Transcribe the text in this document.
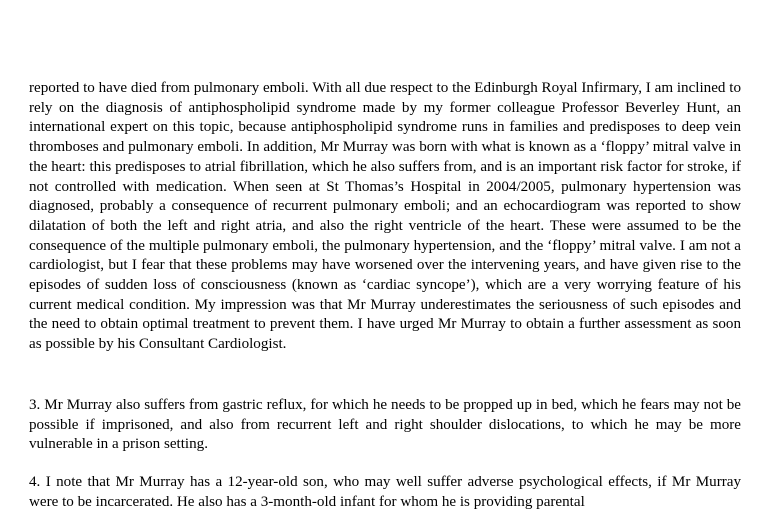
reported to have died from pulmonary emboli. With all due respect to the Edinburgh Royal Infirmary, I am inclined to rely on the diagnosis of antiphospholipid syndrome made by my former colleague Professor Beverley Hunt, an international expert on this topic, because antiphospholipid syndrome runs in families and predisposes to deep vein thromboses and pulmonary emboli. In addition, Mr Murray was born with what is known as a ‘floppy’ mitral valve in the heart: this predisposes to atrial fibrillation, which he also suffers from, and is an important risk factor for stroke, if not controlled with medication. When seen at St Thomas’s Hospital in 2004/2005, pulmonary hypertension was diagnosed, probably a consequence of recurrent pulmonary emboli; and an echocardiogram was reported to show dilatation of both the left and right atria, and also the right ventricle of the heart. These were assumed to be the consequence of the multiple pulmonary emboli, the pulmonary hypertension, and the ‘floppy’ mitral valve. I am not a cardiologist, but I fear that these problems may have worsened over the intervening years, and have given rise to the episodes of sudden loss of consciousness (known as ‘cardiac syncope’), which are a very worrying feature of his current medical condition. My impression was that Mr Murray underestimates the seriousness of such episodes and the need to obtain optimal treatment to prevent them. I have urged Mr Murray to obtain a further assessment as soon as possible by his Consultant Cardiologist.

3. Mr Murray also suffers from gastric reflux, for which he needs to be propped up in bed, which he fears may not be possible if imprisoned, and also from recurrent left and right shoulder dislocations, to which he may be more vulnerable in a prison setting.

4. I note that Mr Murray has a 12-year-old son, who may well suffer adverse psychological effects, if Mr Murray were to be incarcerated. He also has a 3-month-old infant for whom he is providing parental
